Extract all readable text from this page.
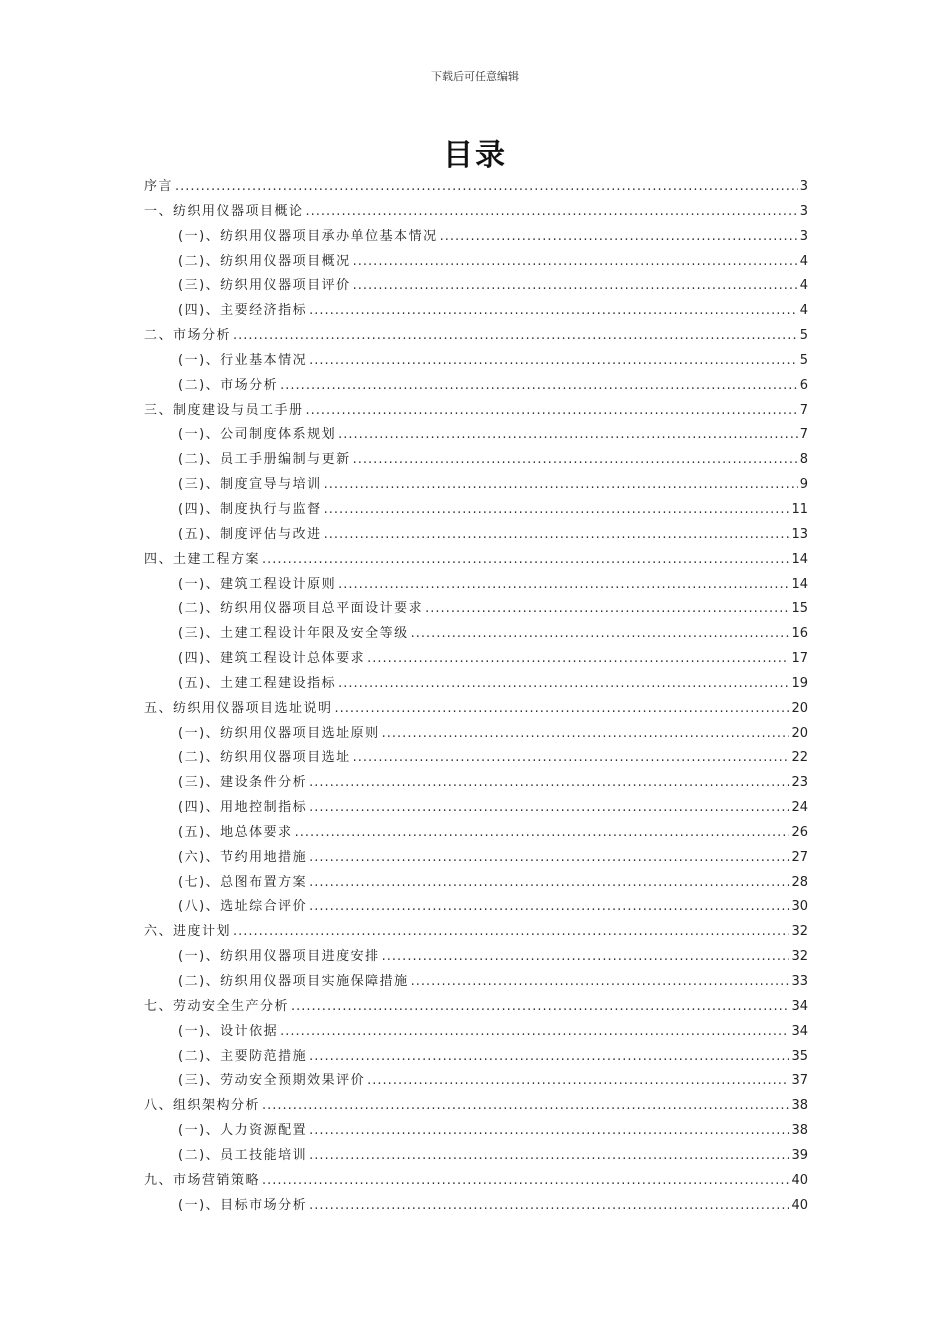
下载后可任意编辑
目录
序言 .....	3
一、纺织用仪器项目概论 .....	3
(一)、纺织用仪器项目承办单位基本情况 .....	3
(二)、纺织用仪器项目概况 .....	4
(三)、纺织用仪器项目评价 .....	4
(四)、主要经济指标 .....	4
二、市场分析 .....	5
(一)、行业基本情况 .....	5
(二)、市场分析 .....	6
三、制度建设与员工手册 .....	7
(一)、公司制度体系规划 .....	7
(二)、员工手册编制与更新 .....	8
(三)、制度宣导与培训 .....	9
(四)、制度执行与监督 .....	11
(五)、制度评估与改进 .....	13
四、土建工程方案 .....	14
(一)、建筑工程设计原则 .....	14
(二)、纺织用仪器项目总平面设计要求 .....	15
(三)、土建工程设计年限及安全等级 .....	16
(四)、建筑工程设计总体要求 .....	17
(五)、土建工程建设指标 .....	19
五、纺织用仪器项目选址说明 .....	20
(一)、纺织用仪器项目选址原则 .....	20
(二)、纺织用仪器项目选址 .....	22
(三)、建设条件分析 .....	23
(四)、用地控制指标 .....	24
(五)、地总体要求 .....	26
(六)、节约用地措施 .....	27
(七)、总图布置方案 .....	28
(八)、选址综合评价 .....	30
六、进度计划 .....	32
(一)、纺织用仪器项目进度安排 .....	32
(二)、纺织用仪器项目实施保障措施 .....	33
七、劳动安全生产分析 .....	34
(一)、设计依据 .....	34
(二)、主要防范措施 .....	35
(三)、劳动安全预期效果评价 .....	37
八、组织架构分析 .....	38
(一)、人力资源配置 .....	38
(二)、员工技能培训 .....	39
九、市场营销策略 .....	40
(一)、目标市场分析 .....	40
